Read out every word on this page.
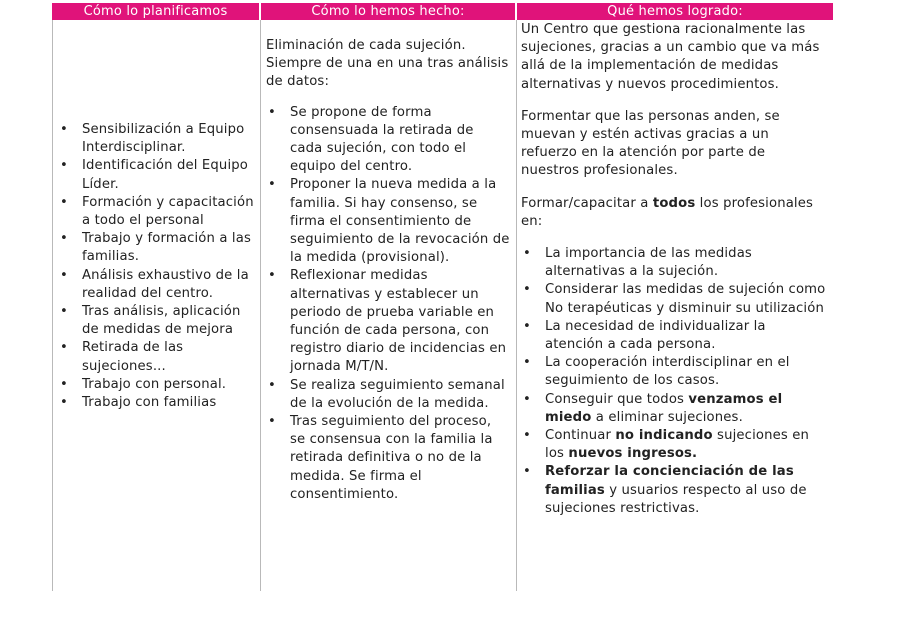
Cómo lo planificamos	Cómo lo hemos hecho:	Qué hemos logrado:
• Sensibilización a Equipo Interdisciplinar.
• Identificación del Equipo Líder.
• Formación y capacitación a todo el personal
• Trabajo y formación a las familias.
• Análisis exhaustivo de la realidad del centro.
• Tras análisis, aplicación de medidas de mejora
• Retirada de las sujeciones...
• Trabajo con personal.
• Trabajo con familias

Eliminación de cada sujeción. Siempre de una en una tras análisis de datos:

• Se propone de forma consensuada la retirada de cada sujeción, con todo el equipo del centro.
• Proponer la nueva medida a la familia. Si hay consenso, se firma el consentimiento de seguimiento de la revocación de la medida (provisional).
• Reflexionar medidas alternativas y establecer un periodo de prueba variable en función de cada persona, con registro diario de incidencias en jornada M/T/N.
• Se realiza seguimiento semanal de la evolución de la medida.
• Tras seguimiento del proceso, se consensua con la familia la retirada definitiva o no de la medida. Se firma el consentimiento.

Un Centro que gestiona racionalmente las sujeciones, gracias a un cambio que va más allá de la implementación de medidas alternativas y nuevos procedimientos.

Formentar que las personas anden, se muevan y estén activas gracias a un refuerzo en la atención por parte de nuestros profesionales.

Formar/capacitar a todos los profesionales en:

• La importancia de las medidas alternativas a la sujeción.
• Considerar las medidas de sujeción como No terapéuticas y disminuir su utilización
• La necesidad de individualizar la atención a cada persona.
• La cooperación interdisciplinar en el seguimiento de los casos.
• Conseguir que todos venzamos el miedo a eliminar sujeciones.
• Continuar no indicando sujeciones en los nuevos ingresos.
• Reforzar la concienciación de las familias y usuarios respecto al uso de sujeciones restrictivas.
